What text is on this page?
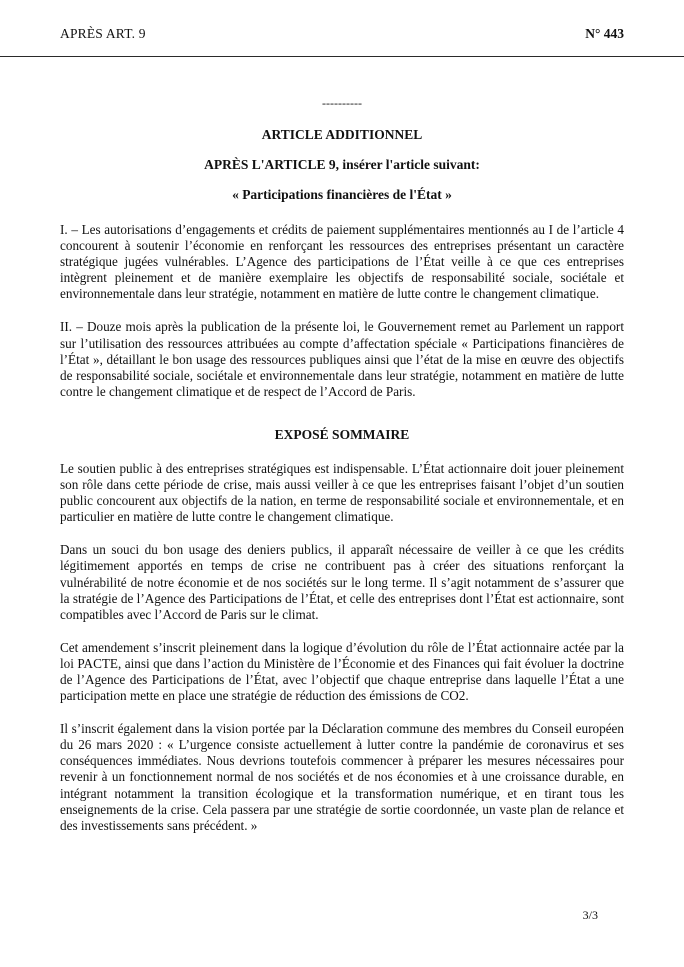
APRÈS ART. 9	N° 443
----------

ARTICLE ADDITIONNEL

APRÈS L'ARTICLE 9, insérer l'article suivant:

« Participations financières de l'État »

I. – Les autorisations d’engagements et crédits de paiement supplémentaires mentionnés au I de l’article 4 concourent à soutenir l’économie en renforçant les ressources des entreprises présentant un caractère stratégique jugées vulnérables. L’Agence des participations de l’État veille à ce que ces entreprises intègrent pleinement et de manière exemplaire les objectifs de responsabilité sociale, sociétale et environnementale dans leur stratégie, notamment en matière de lutte contre le changement climatique.

II. – Douze mois après la publication de la présente loi, le Gouvernement remet au Parlement un rapport sur l’utilisation des ressources attribuées au compte d’affectation spéciale « Participations financières de l’État », détaillant le bon usage des ressources publiques ainsi que l’état de la mise en œuvre des objectifs de responsabilité sociale, sociétale et environnementale dans leur stratégie, notamment en matière de lutte contre le changement climatique et de respect de l’Accord de Paris.

EXPOSÉ SOMMAIRE

Le soutien public à des entreprises stratégiques est indispensable. L’État actionnaire doit jouer pleinement son rôle dans cette période de crise, mais aussi veiller à ce que les entreprises faisant l’objet d’un soutien public concourent aux objectifs de la nation, en terme de responsabilité sociale et environnementale, et en particulier en matière de lutte contre le changement climatique.

Dans un souci du bon usage des deniers publics, il apparaît nécessaire de veiller à ce que les crédits légitimement apportés en temps de crise ne contribuent pas à créer des situations renforçant la vulnérabilité de notre économie et de nos sociétés sur le long terme. Il s’agit notamment de s’assurer que la stratégie de l’Agence des Participations de l’État, et celle des entreprises dont l’État est actionnaire, sont compatibles avec l’Accord de Paris sur le climat.

Cet amendement s’inscrit pleinement dans la logique d’évolution du rôle de l’État actionnaire actée par la loi PACTE, ainsi que dans l’action du Ministère de l’Économie et des Finances qui fait évoluer la doctrine de l’Agence des Participations de l’État, avec l’objectif que chaque entreprise dans laquelle l’État a une participation mette en place une stratégie de réduction des émissions de CO2.

Il s’inscrit également dans la vision portée par la Déclaration commune des membres du Conseil européen du 26 mars 2020 : « L’urgence consiste actuellement à lutter contre la pandémie de coronavirus et ses conséquences immédiates. Nous devrions toutefois commencer à préparer les mesures nécessaires pour revenir à un fonctionnement normal de nos sociétés et de nos économies et à une croissance durable, en intégrant notamment la transition écologique et la transformation numérique, et en tirant tous les enseignements de la crise. Cela passera par une stratégie de sortie coordonnée, un vaste plan de relance et des investissements sans précédent. »

3/3
